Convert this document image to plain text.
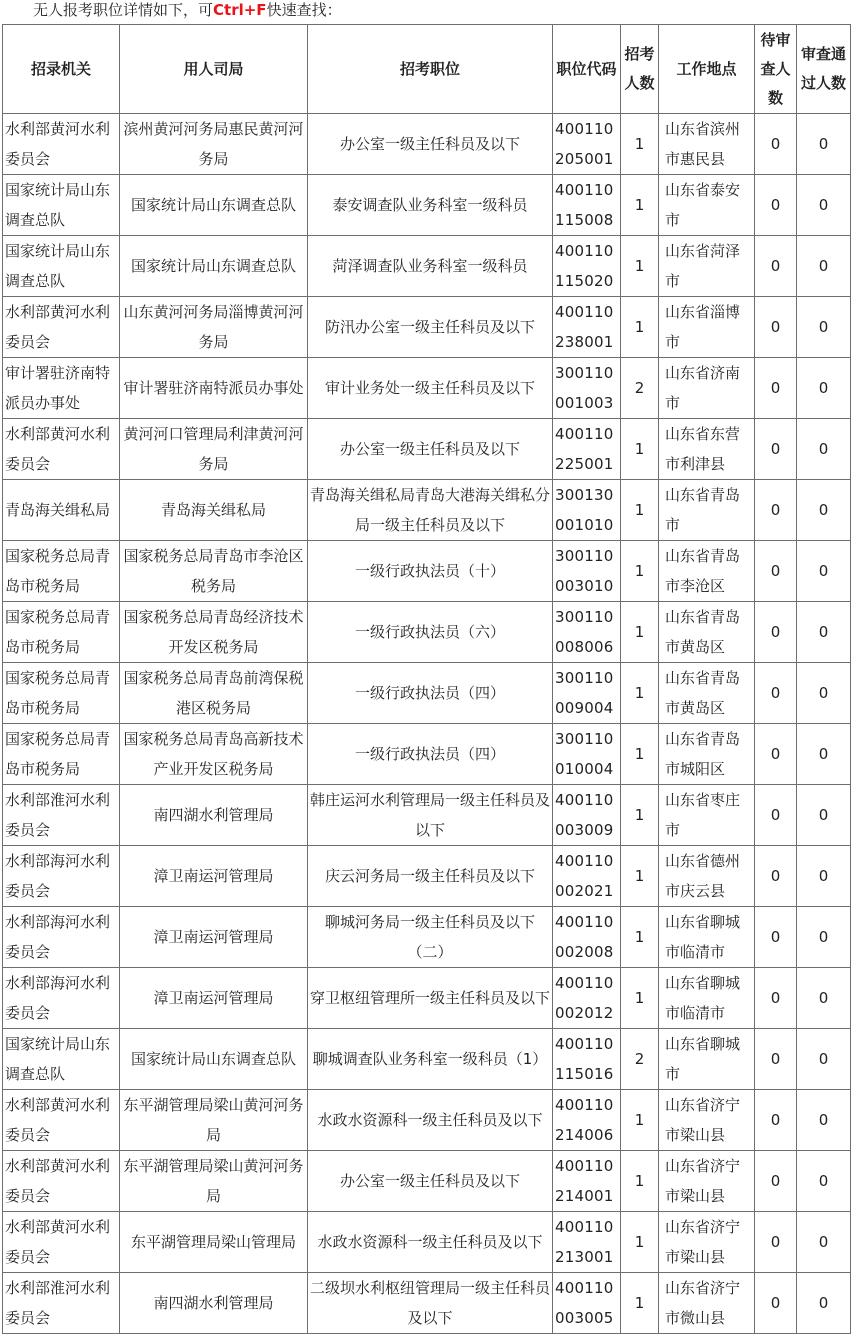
无人报考职位详情如下，可Ctrl+F快速查找：
招录机关	用人司局	招考职位	职位代码	招考人数	工作地点	待审查人数	审查通过人数
水利部黄河水利委员会	滨州黄河河务局惠民黄河河务局	办公室一级主任科员及以下	400110205001	1	山东省滨州市惠民县	0	0
国家统计局山东调查总队	国家统计局山东调查总队	泰安调查队业务科室一级科员	400110115008	1	山东省泰安市	0	0
国家统计局山东调查总队	国家统计局山东调查总队	菏泽调查队业务科室一级科员	400110115020	1	山东省菏泽市	0	0
水利部黄河水利委员会	山东黄河河务局淄博黄河河务局	防汛办公室一级主任科员及以下	400110238001	1	山东省淄博市	0	0
审计署驻济南特派员办事处	审计署驻济南特派员办事处	审计业务处一级主任科员及以下	300110001003	2	山东省济南市	0	0
水利部黄河水利委员会	黄河河口管理局利津黄河河务局	办公室一级主任科员及以下	400110225001	1	山东省东营市利津县	0	0
青岛海关缉私局	青岛海关缉私局	青岛海关缉私局青岛大港海关缉私分局一级主任科员及以下	300130001010	1	山东省青岛市	0	0
国家税务总局青岛市税务局	国家税务总局青岛市李沧区税务局	一级行政执法员（十）	300110003010	1	山东省青岛市李沧区	0	0
国家税务总局青岛市税务局	国家税务总局青岛经济技术开发区税务局	一级行政执法员（六）	300110008006	1	山东省青岛市黄岛区	0	0
国家税务总局青岛市税务局	国家税务总局青岛前湾保税港区税务局	一级行政执法员（四）	300110009004	1	山东省青岛市黄岛区	0	0
国家税务总局青岛市税务局	国家税务总局青岛高新技术产业开发区税务局	一级行政执法员（四）	300110010004	1	山东省青岛市城阳区	0	0
水利部淮河水利委员会	南四湖水利管理局	韩庄运河水利管理局一级主任科员及以下	400110003009	1	山东省枣庄市	0	0
水利部海河水利委员会	漳卫南运河管理局	庆云河务局一级主任科员及以下	400110002021	1	山东省德州市庆云县	0	0
水利部海河水利委员会	漳卫南运河管理局	聊城河务局一级主任科员及以下（二）	400110002008	1	山东省聊城市临清市	0	0
水利部海河水利委员会	漳卫南运河管理局	穿卫枢纽管理所一级主任科员及以下	400110002012	1	山东省聊城市临清市	0	0
国家统计局山东调查总队	国家统计局山东调查总队	聊城调查队业务科室一级科员（1）	400110115016	2	山东省聊城市	0	0
水利部黄河水利委员会	东平湖管理局梁山黄河河务局	水政水资源科一级主任科员及以下	400110214006	1	山东省济宁市梁山县	0	0
水利部黄河水利委员会	东平湖管理局梁山黄河河务局	办公室一级主任科员及以下	400110214001	1	山东省济宁市梁山县	0	0
水利部黄河水利委员会	东平湖管理局梁山管理局	水政水资源科一级主任科员及以下	400110213001	1	山东省济宁市梁山县	0	0
水利部淮河水利委员会	南四湖水利管理局	二级坝水利枢纽管理局一级主任科员及以下	400110003005	1	山东省济宁市微山县	0	0
